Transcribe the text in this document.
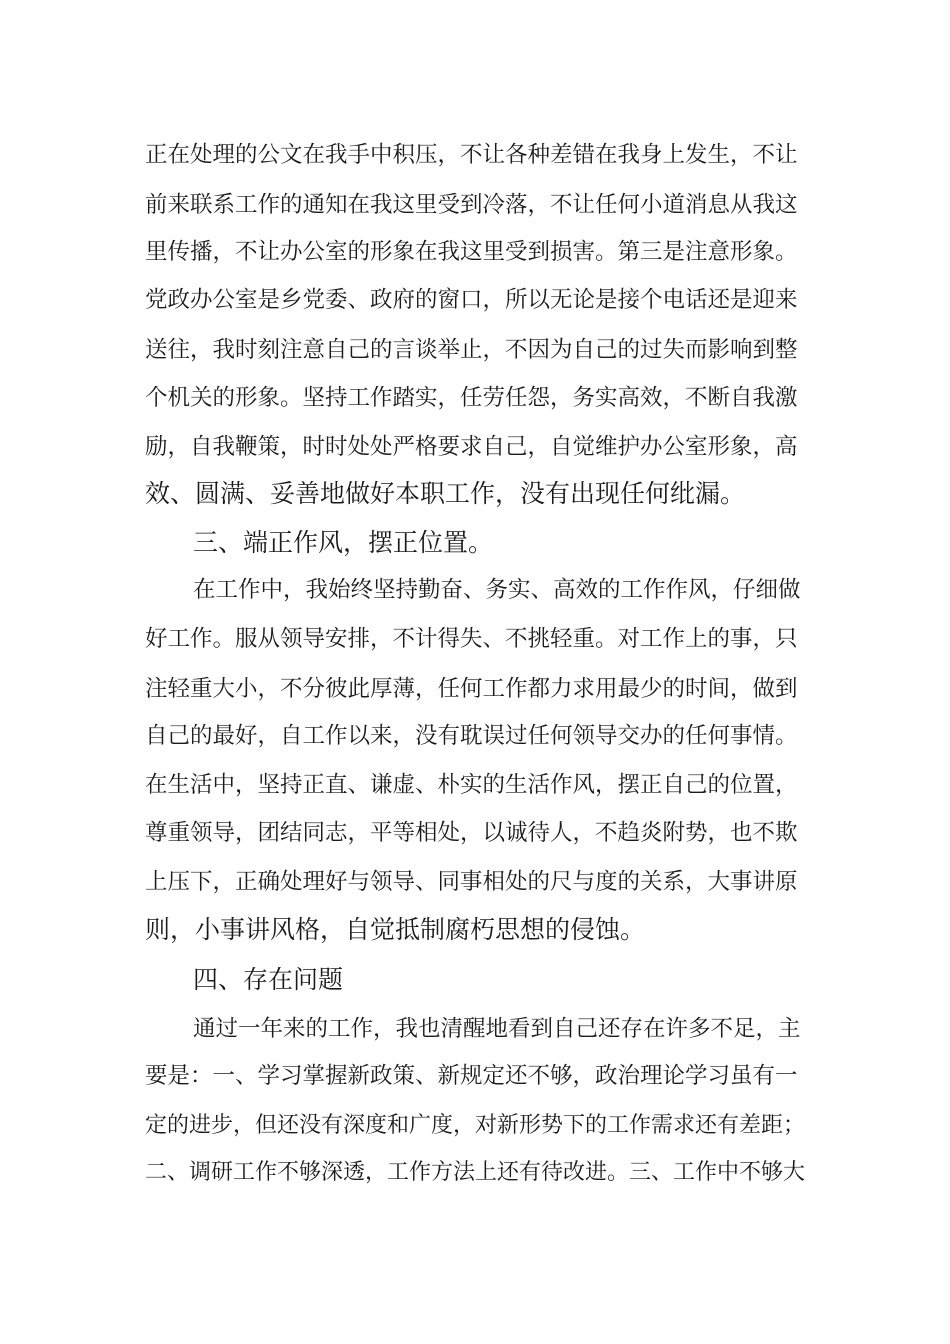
正在处理的公文在我手中积压，不让各种差错在我身上发生，不让
前来联系工作的通知在我这里受到冷落，不让任何小道消息从我这
里传播，不让办公室的形象在我这里受到损害。第三是注意形象。
党政办公室是乡党委、政府的窗口，所以无论是接个电话还是迎来
送往，我时刻注意自己的言谈举止，不因为自己的过失而影响到整
个机关的形象。坚持工作踏实，任劳任怨，务实高效，不断自我激
励，自我鞭策，时时处处严格要求自己，自觉维护办公室形象，高
效、圆满、妥善地做好本职工作，没有出现任何纰漏。
三、端正作风，摆正位置。
在工作中，我始终坚持勤奋、务实、高效的工作作风，仔细做
好工作。服从领导安排，不计得失、不挑轻重。对工作上的事，只
注轻重大小，不分彼此厚薄，任何工作都力求用最少的时间，做到
自己的最好，自工作以来，没有耽误过任何领导交办的任何事情。
在生活中，坚持正直、谦虚、朴实的生活作风，摆正自己的位置，
尊重领导，团结同志，平等相处，以诚待人，不趋炎附势，也不欺
上压下，正确处理好与领导、同事相处的尺与度的关系，大事讲原
则，小事讲风格，自觉抵制腐朽思想的侵蚀。
四、存在问题
通过一年来的工作，我也清醒地看到自己还存在许多不足，主
要是：一、学习掌握新政策、新规定还不够，政治理论学习虽有一
定的进步，但还没有深度和广度，对新形势下的工作需求还有差距；
二、调研工作不够深透，工作方法上还有待改进。三、工作中不够大
